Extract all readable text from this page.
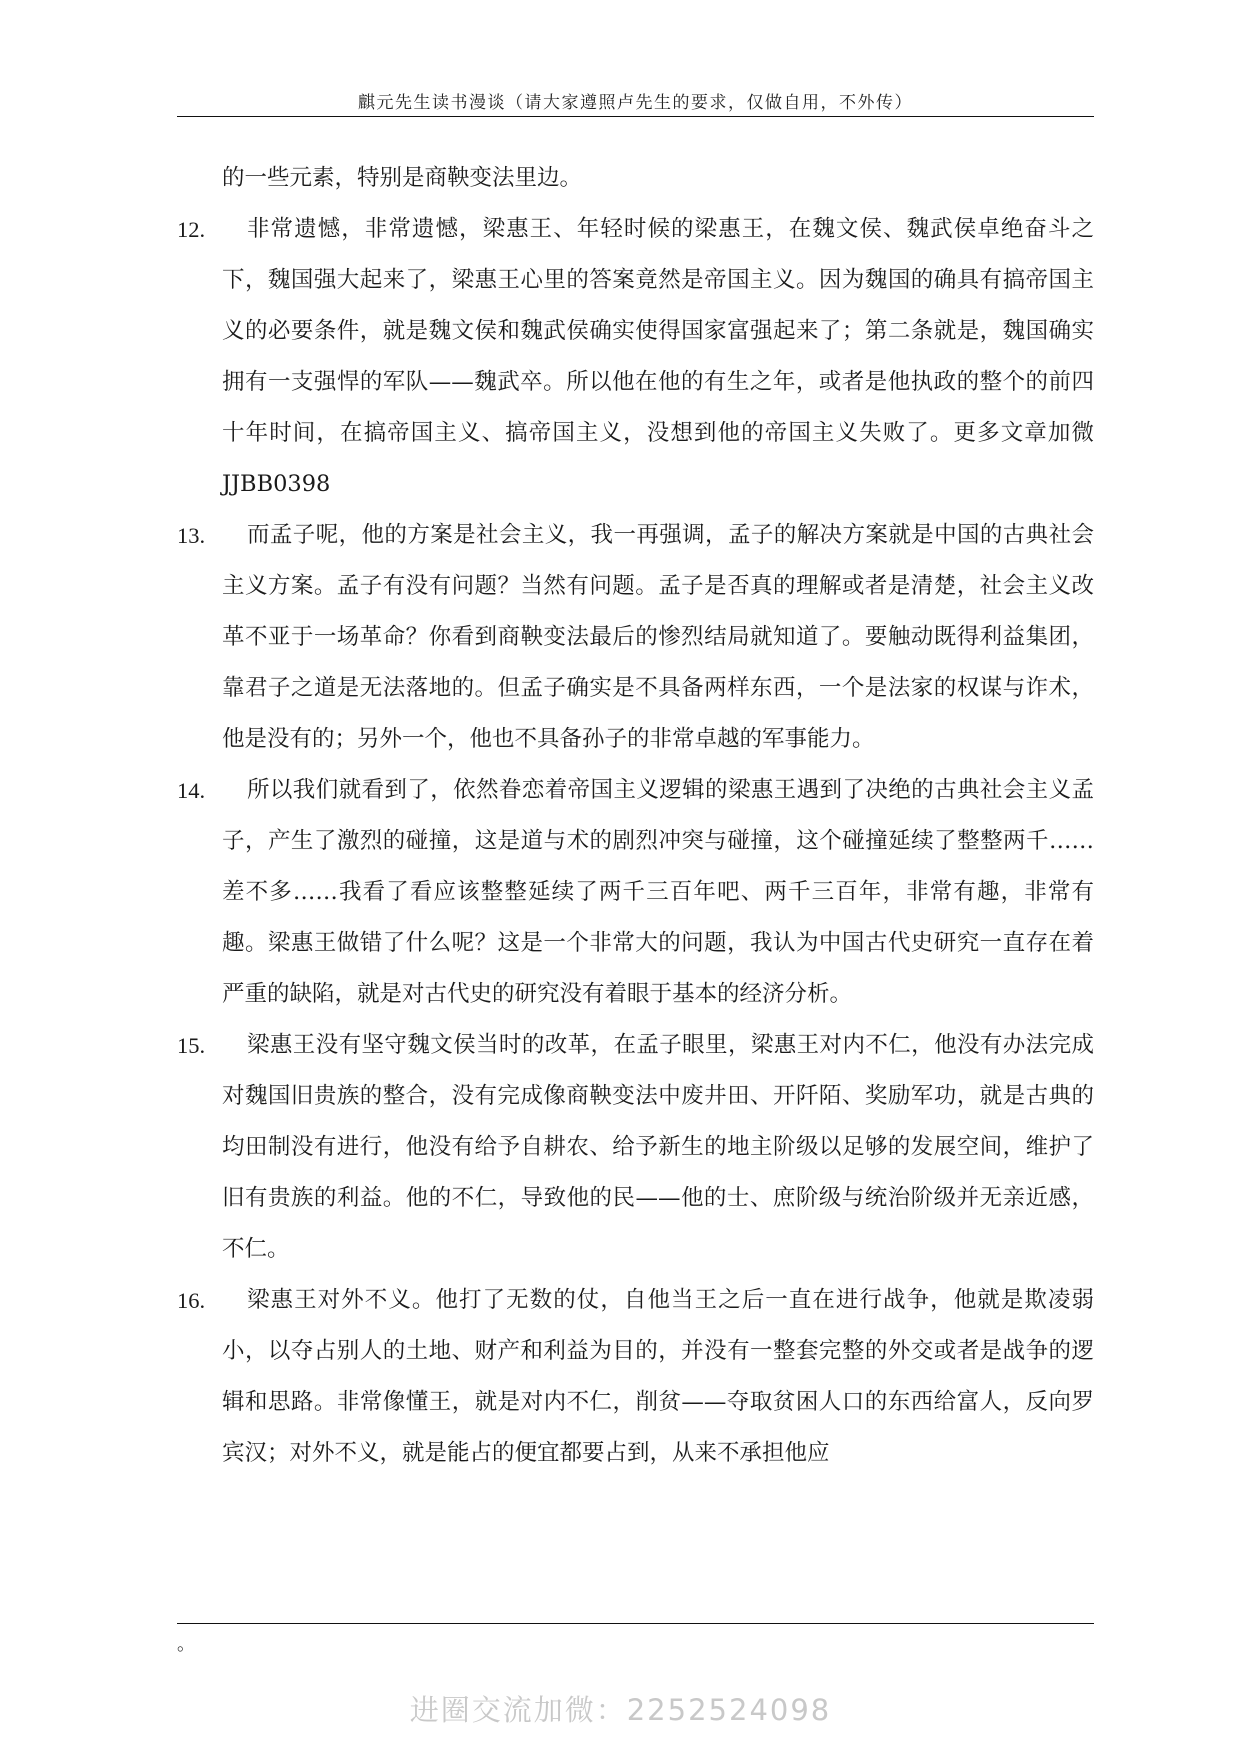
麒元先生读书漫谈（请大家遵照卢先生的要求，仅做自用，不外传）

的一些元素，特别是商鞅变法里边。

12. 非常遗憾，非常遗憾，梁惠王、年轻时候的梁惠王，在魏文侯、魏武侯卓绝奋斗之下，魏国强大起来了，梁惠王心里的答案竟然是帝国主义。因为魏国的确具有搞帝国主义的必要条件，就是魏文侯和魏武侯确实使得国家富强起来了；第二条就是，魏国确实拥有一支强悍的军队——魏武卒。所以他在他的有生之年，或者是他执政的整个的前四十年时间，在搞帝国主义、搞帝国主义，没想到他的帝国主义失败了。更多文章加微JJBB0398

13. 而孟子呢，他的方案是社会主义，我一再强调，孟子的解决方案就是中国的古典社会主义方案。孟子有没有问题？当然有问题。孟子是否真的理解或者是清楚，社会主义改革不亚于一场革命？你看到商鞅变法最后的惨烈结局就知道了。要触动既得利益集团，靠君子之道是无法落地的。但孟子确实是不具备两样东西，一个是法家的权谋与诈术，他是没有的；另外一个，他也不具备孙子的非常卓越的军事能力。

14. 所以我们就看到了，依然眷恋着帝国主义逻辑的梁惠王遇到了决绝的古典社会主义孟子，产生了激烈的碰撞，这是道与术的剧烈冲突与碰撞，这个碰撞延续了整整两千……差不多……我看了看应该整整延续了两千三百年吧、两千三百年，非常有趣，非常有趣。梁惠王做错了什么呢？这是一个非常大的问题，我认为中国古代史研究一直存在着严重的缺陷，就是对古代史的研究没有着眼于基本的经济分析。

15. 梁惠王没有坚守魏文侯当时的改革，在孟子眼里，梁惠王对内不仁，他没有办法完成对魏国旧贵族的整合，没有完成像商鞅变法中废井田、开阡陌、奖励军功，就是古典的均田制没有进行，他没有给予自耕农、给予新生的地主阶级以足够的发展空间，维护了旧有贵族的利益。他的不仁，导致他的民——他的士、庶阶级与统治阶级并无亲近感，不仁。

16. 梁惠王对外不义。他打了无数的仗，自他当王之后一直在进行战争，他就是欺凌弱小，以夺占别人的土地、财产和利益为目的，并没有一整套完整的外交或者是战争的逻辑和思路。非常像懂王，就是对内不仁，削贫——夺取贫困人口的东西给富人，反向罗宾汉；对外不义，就是能占的便宜都要占到，从来不承担他应

。
进圈交流加微：2252524098
